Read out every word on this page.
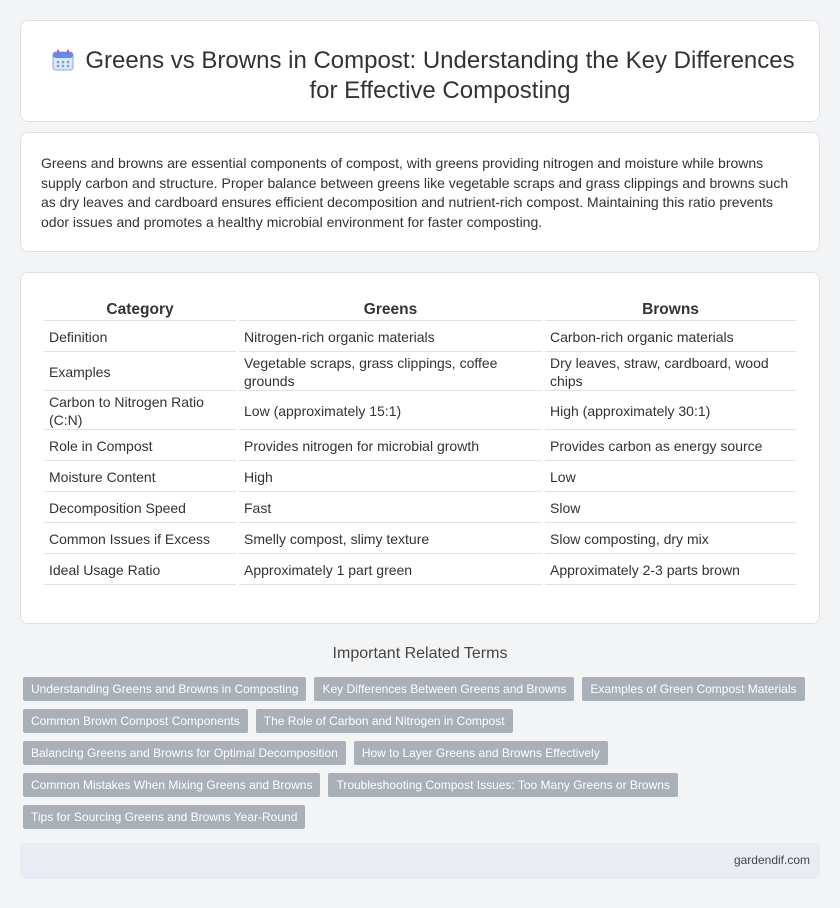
Greens vs Browns in Compost: Understanding the Key Differences for Effective Composting

Greens and browns are essential components of compost, with greens providing nitrogen and moisture while browns supply carbon and structure. Proper balance between greens like vegetable scraps and grass clippings and browns such as dry leaves and cardboard ensures efficient decomposition and nutrient-rich compost. Maintaining this ratio prevents odor issues and promotes a healthy microbial environment for faster composting.

Category	Greens	Browns
Definition	Nitrogen-rich organic materials	Carbon-rich organic materials
Examples	Vegetable scraps, grass clippings, coffee grounds	Dry leaves, straw, cardboard, wood chips
Carbon to Nitrogen Ratio (C:N)	Low (approximately 15:1)	High (approximately 30:1)
Role in Compost	Provides nitrogen for microbial growth	Provides carbon as energy source
Moisture Content	High	Low
Decomposition Speed	Fast	Slow
Common Issues if Excess	Smelly compost, slimy texture	Slow composting, dry mix
Ideal Usage Ratio	Approximately 1 part green	Approximately 2-3 parts brown
Important Related Terms
Understanding Greens and Browns in Composting	Key Differences Between Greens and Browns	Examples of Green Compost Materials
Common Brown Compost Components	The Role of Carbon and Nitrogen in Compost
Balancing Greens and Browns for Optimal Decomposition	How to Layer Greens and Browns Effectively
Common Mistakes When Mixing Greens and Browns	Troubleshooting Compost Issues: Too Many Greens or Browns
Tips for Sourcing Greens and Browns Year-Round
gardendif.com
